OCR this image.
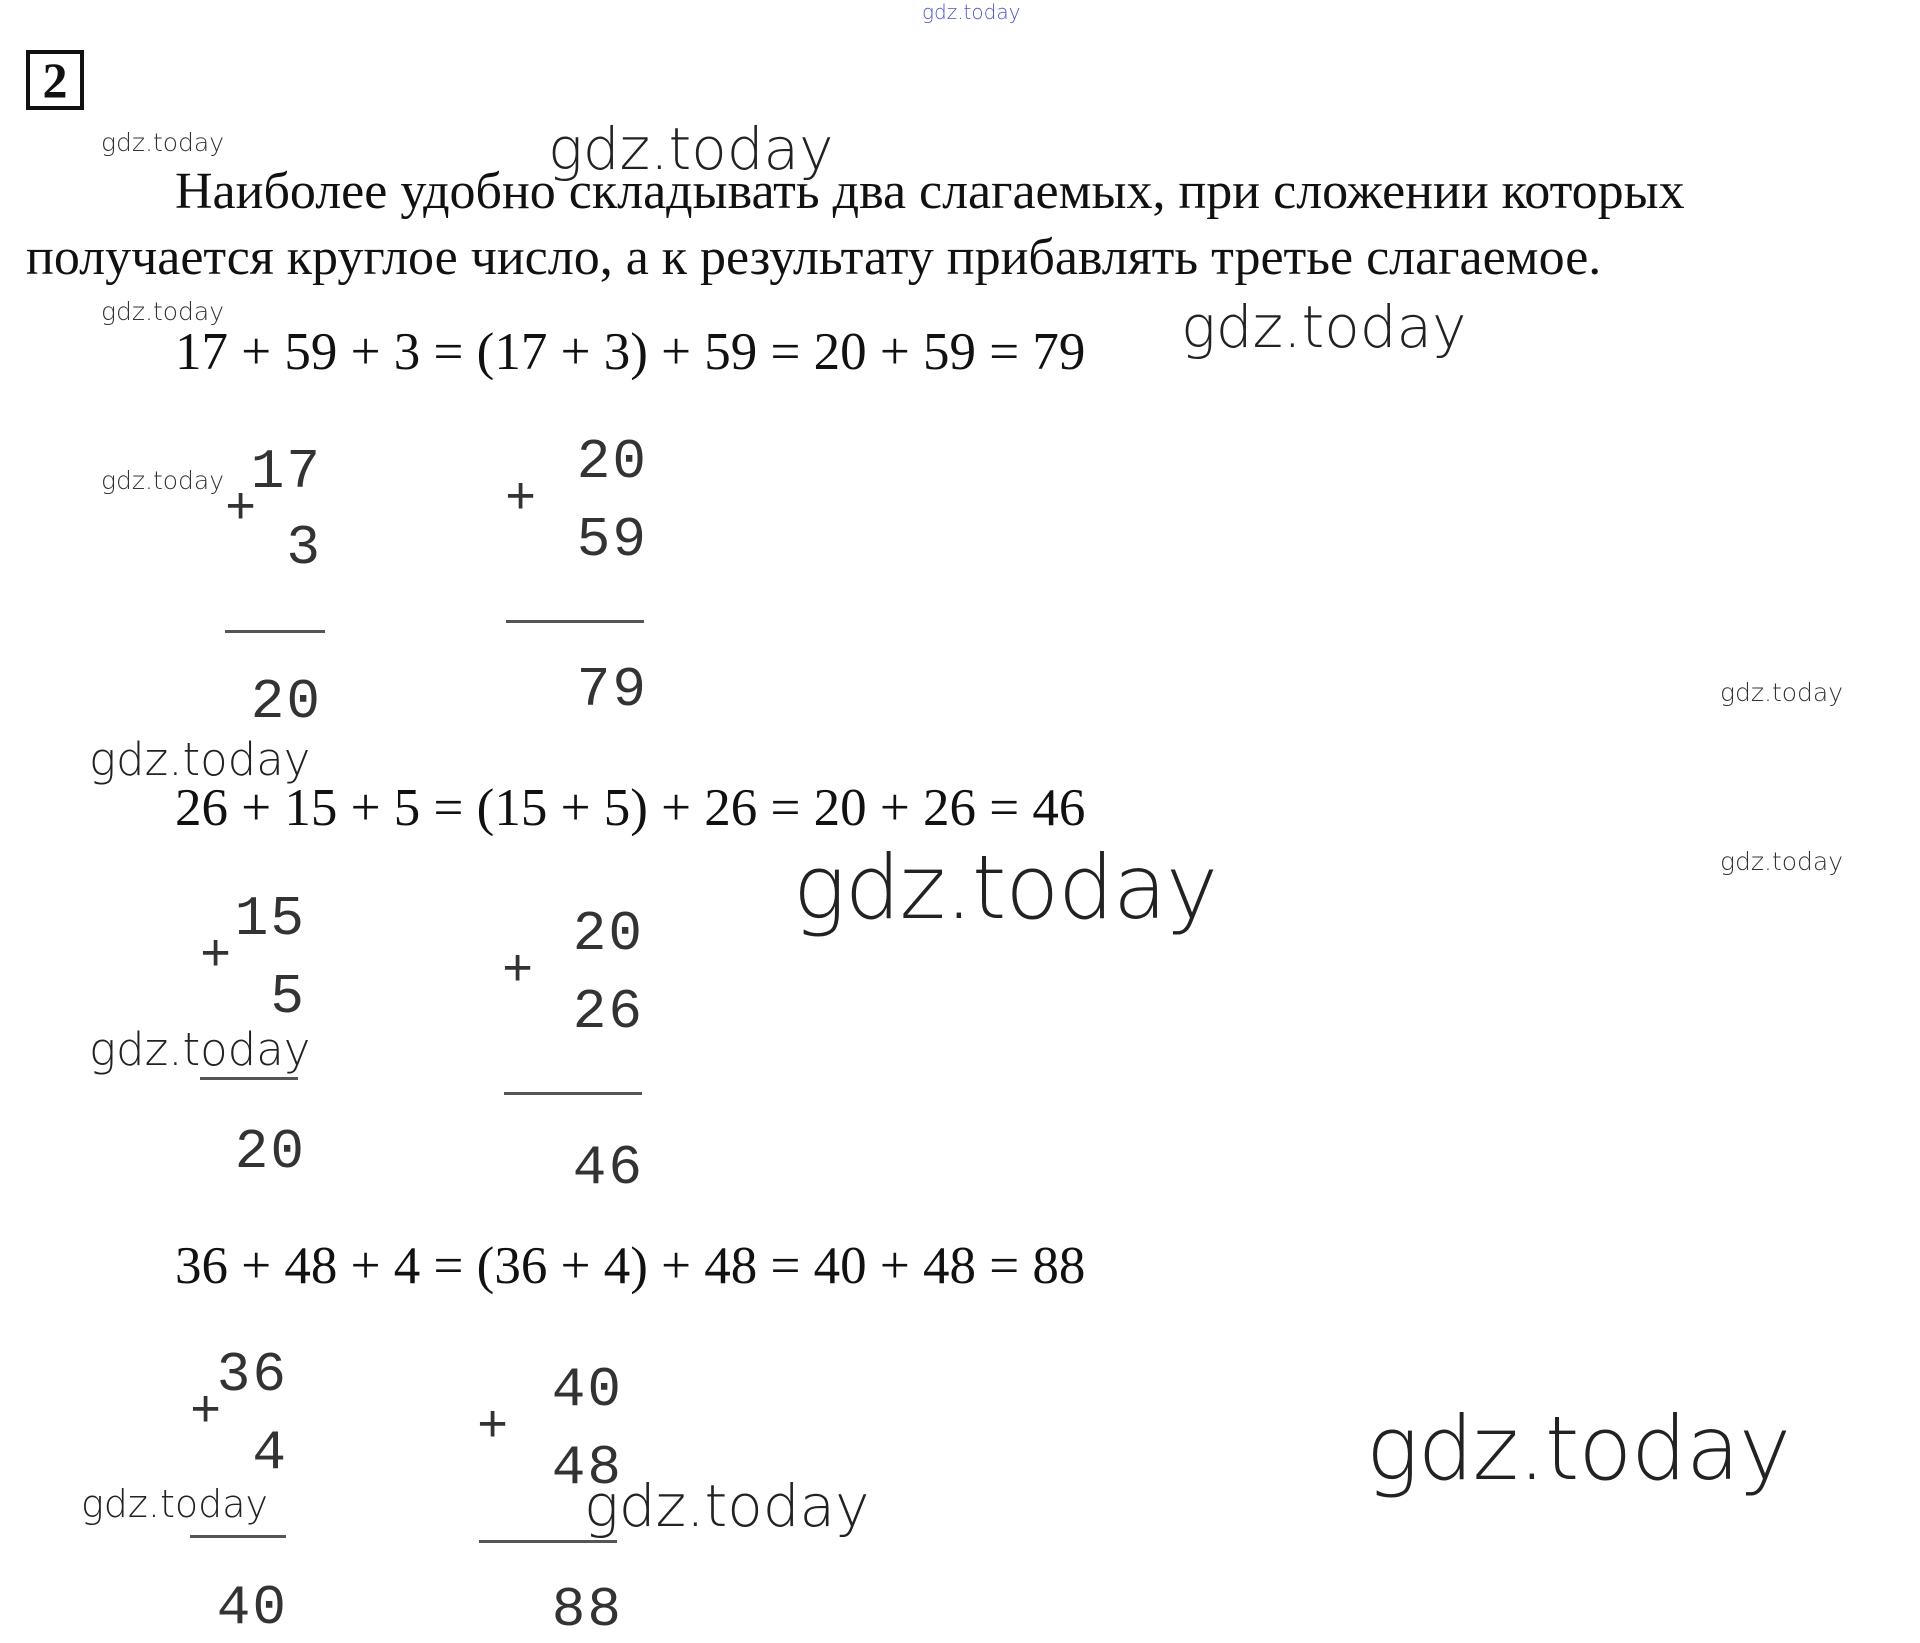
gdz.today
gdz.today	gdz.today
gdz.today	gdz.today
gdz.today
gdz.today
gdz.today
gdz.today
gdz.today
gdz.today
gdz.today
gdz.today
gdz.today
2
Наиболее удобно складывать два слагаемых, при сложении которых
получается круглое число, а к результату прибавлять третье слагаемое.
17 + 59 + 3 = (17 + 3) + 59 = 20 + 59 = 79
17
+
3
20
20
+
59
79
26 + 15 + 5 = (15 + 5) + 26 = 20 + 26 = 46
15
+
5
20
20
+
26
46
36 + 48 + 4 = (36 + 4) + 48 = 40 + 48 = 88
36
+
4
40
40
+
48
88
